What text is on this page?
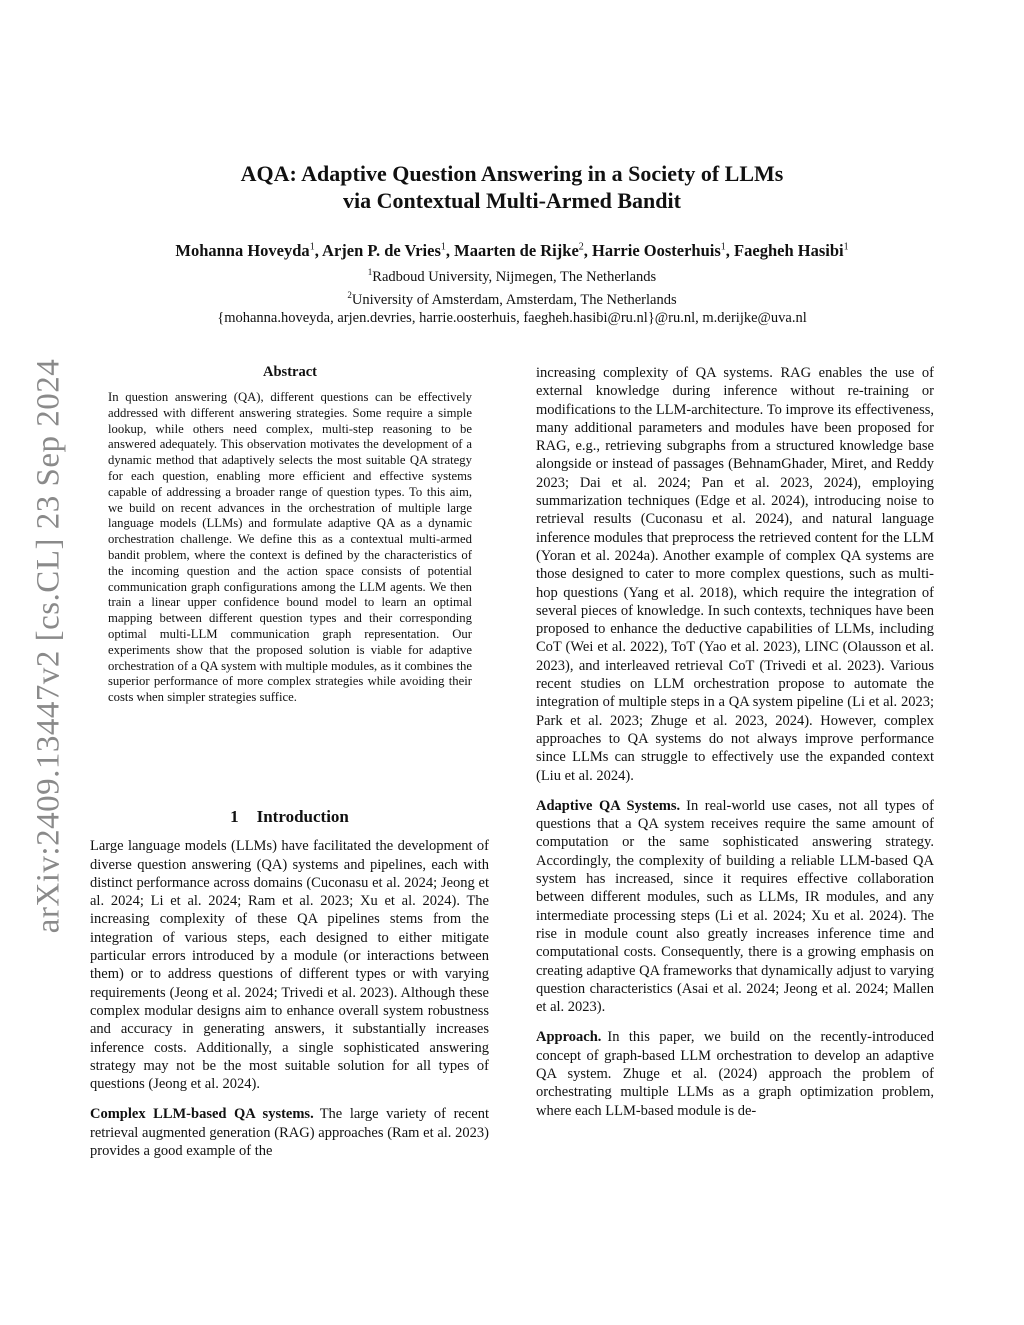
arXiv:2409.13447v2 [cs.CL] 23 Sep 2024
AQA: Adaptive Question Answering in a Society of LLMs
via Contextual Multi-Armed Bandit
Mohanna Hoveyda$^1$, Arjen P. de Vries$^1$, Maarten de Rijke$^2$, Harrie Oosterhuis$^1$, Faegheh Hasibi$^1$
$^1$Radboud University, Nijmegen, The Netherlands
$^2$University of Amsterdam, Amsterdam, The Netherlands
{mohanna.hoveyda, arjen.devries, harrie.oosterhuis, faegheh.hasibi@ru.nl}@ru.nl, m.derijke@uva.nl
Abstract

In question answering (QA), different questions can be effectively addressed with different answering strategies. Some require a simple lookup, while others need complex, multi-step reasoning to be answered adequately. This observation motivates the development of a dynamic method that adaptively selects the most suitable QA strategy for each question, enabling more efficient and effective systems capable of addressing a broader range of question types. To this aim, we build on recent advances in the orchestration of multiple large language models (LLMs) and formulate adaptive QA as a dynamic orchestration challenge. We define this as a contextual multi-armed bandit problem, where the context is defined by the characteristics of the incoming question and the action space consists of potential communication graph configurations among the LLM agents. We then train a linear upper confidence bound model to learn an optimal mapping between different question types and their corresponding optimal multi-LLM communication graph representation. Our experiments show that the proposed solution is viable for adaptive orchestration of a QA system with multiple modules, as it combines the superior performance of more complex strategies while avoiding their costs when simpler strategies suffice.

1 Introduction

Large language models (LLMs) have facilitated the development of diverse question answering (QA) systems and pipelines, each with distinct performance across domains (Cuconasu et al. 2024; Jeong et al. 2024; Li et al. 2024; Ram et al. 2023; Xu et al. 2024). The increasing complexity of these QA pipelines stems from the integration of various steps, each designed to either mitigate particular errors introduced by a module (or interactions between them) or to address questions of different types or with varying requirements (Jeong et al. 2024; Trivedi et al. 2023). Although these complex modular designs aim to enhance overall system robustness and accuracy in generating answers, it substantially increases inference costs. Additionally, a single sophisticated answering strategy may not be the most suitable solution for all types of questions (Jeong et al. 2024).

Complex LLM-based QA systems. The large variety of recent retrieval augmented generation (RAG) approaches (Ram et al. 2023) provides a good example of the

increasing complexity of QA systems. RAG enables the use of external knowledge during inference without re-training or modifications to the LLM-architecture. To improve its effectiveness, many additional parameters and modules have been proposed for RAG, e.g., retrieving subgraphs from a structured knowledge base alongside or instead of passages (BehnamGhader, Miret, and Reddy 2023; Dai et al. 2024; Pan et al. 2023, 2024), employing summarization techniques (Edge et al. 2024), introducing noise to retrieval results (Cuconasu et al. 2024), and natural language inference modules that preprocess the retrieved content for the LLM (Yoran et al. 2024a). Another example of complex QA systems are those designed to cater to more complex questions, such as multi-hop questions (Yang et al. 2018), which require the integration of several pieces of knowledge. In such contexts, techniques have been proposed to enhance the deductive capabilities of LLMs, including CoT (Wei et al. 2022), ToT (Yao et al. 2023), LINC (Olausson et al. 2023), and interleaved retrieval CoT (Trivedi et al. 2023). Various recent studies on LLM orchestration propose to automate the integration of multiple steps in a QA system pipeline (Li et al. 2023; Park et al. 2023; Zhuge et al. 2023, 2024). However, complex approaches to QA systems do not always improve performance since LLMs can struggle to effectively use the expanded context (Liu et al. 2024).

Adaptive QA Systems. In real-world use cases, not all types of questions that a QA system receives require the same amount of computation or the same sophisticated answering strategy. Accordingly, the complexity of building a reliable LLM-based QA system has increased, since it requires effective collaboration between different modules, such as LLMs, IR modules, and any intermediate processing steps (Li et al. 2024; Xu et al. 2024). The rise in module count also greatly increases inference time and computational costs. Consequently, there is a growing emphasis on creating adaptive QA frameworks that dynamically adjust to varying question characteristics (Asai et al. 2024; Jeong et al. 2024; Mallen et al. 2023).

Approach. In this paper, we build on the recently-introduced concept of graph-based LLM orchestration to develop an adaptive QA system. Zhuge et al. (2024) approach the problem of orchestrating multiple LLMs as a graph optimization problem, where each LLM-based module is de-
